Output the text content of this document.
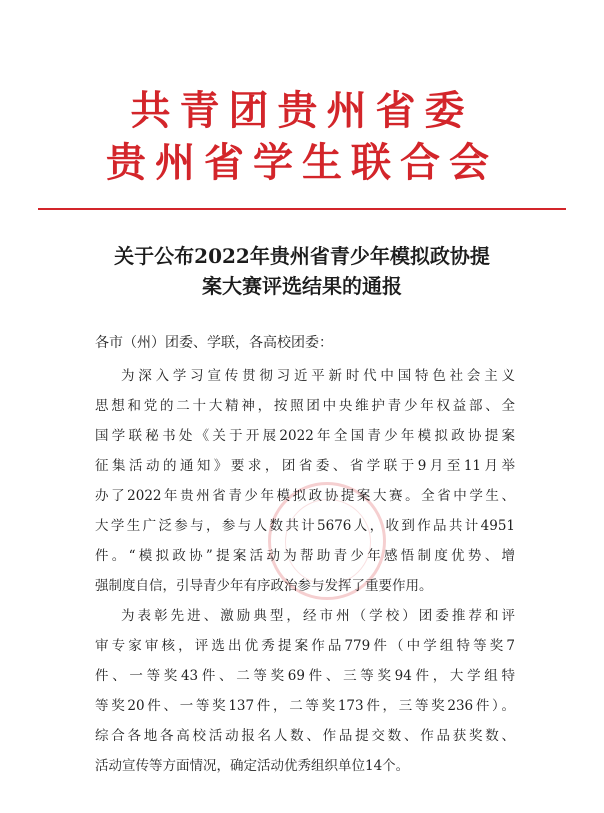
共青团贵州省委
贵州省学生联合会
关于公布2022年贵州省青少年模拟政协提
案大赛评选结果的通报
各市（州）团委、学联，各高校团委：
为深入学习宣传贯彻习近平新时代中国特色社会主义
思想和党的二十大精神，按照团中央维护青少年权益部、全
国学联秘书处《关于开展2022年全国青少年模拟政协提案
征集活动的通知》要求，团省委、省学联于9月至11月举
办了2022年贵州省青少年模拟政协提案大赛。全省中学生、
大学生广泛参与，参与人数共计5676人，收到作品共计4951
件。“模拟政协”提案活动为帮助青少年感悟制度优势、增
强制度自信，引导青少年有序政治参与发挥了重要作用。
为表彰先进、激励典型，经市州（学校）团委推荐和评
审专家审核，评选出优秀提案作品779件（中学组特等奖7
件、一等奖43件、二等奖69件、三等奖94件，大学组特
等奖20件、一等奖137件，二等奖173件，三等奖236件）。
综合各地各高校活动报名人数、作品提交数、作品获奖数、
活动宣传等方面情况，确定活动优秀组织单位14个。
